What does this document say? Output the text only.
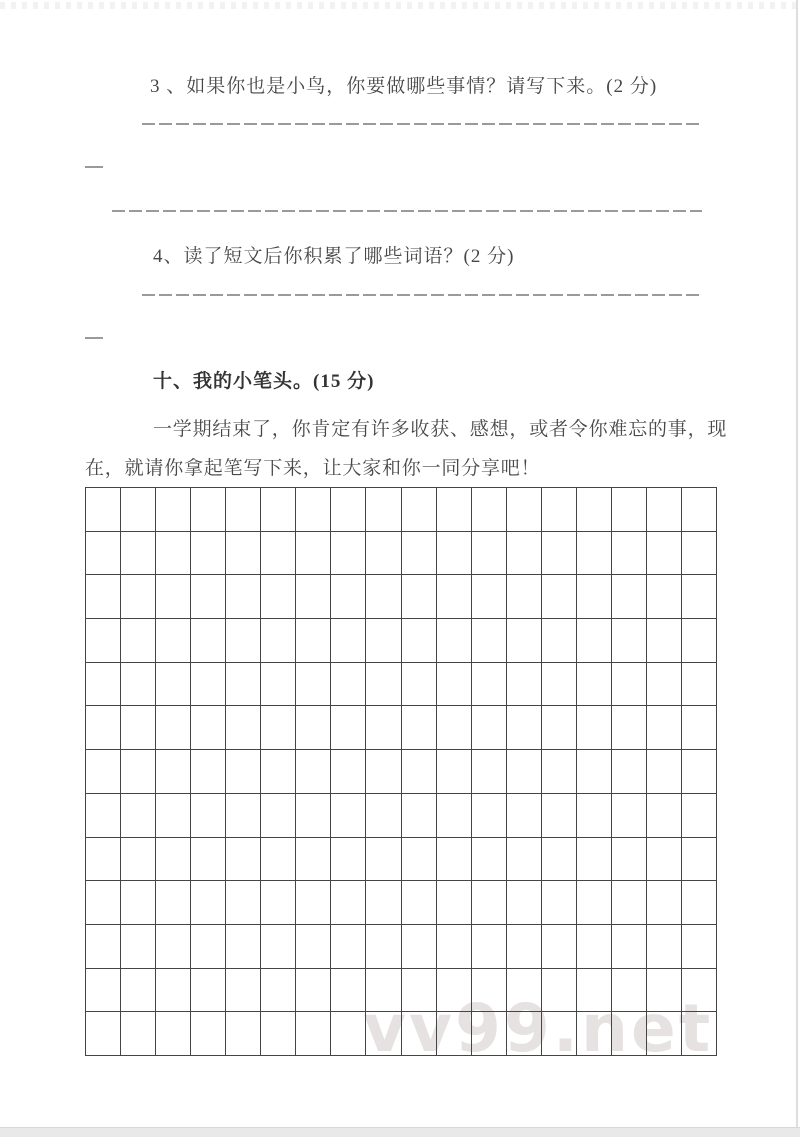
3 、如果你也是小鸟，你要做哪些事情？请写下来。(2 分)
4、读了短文后你积累了哪些词语？(2 分)
十、我的小笔头。(15 分)
一学期结束了，你肯定有许多收获、感想，或者令你难忘的事，现
在，就请你拿起笔写下来，让大家和你一同分享吧！
vv99.net
